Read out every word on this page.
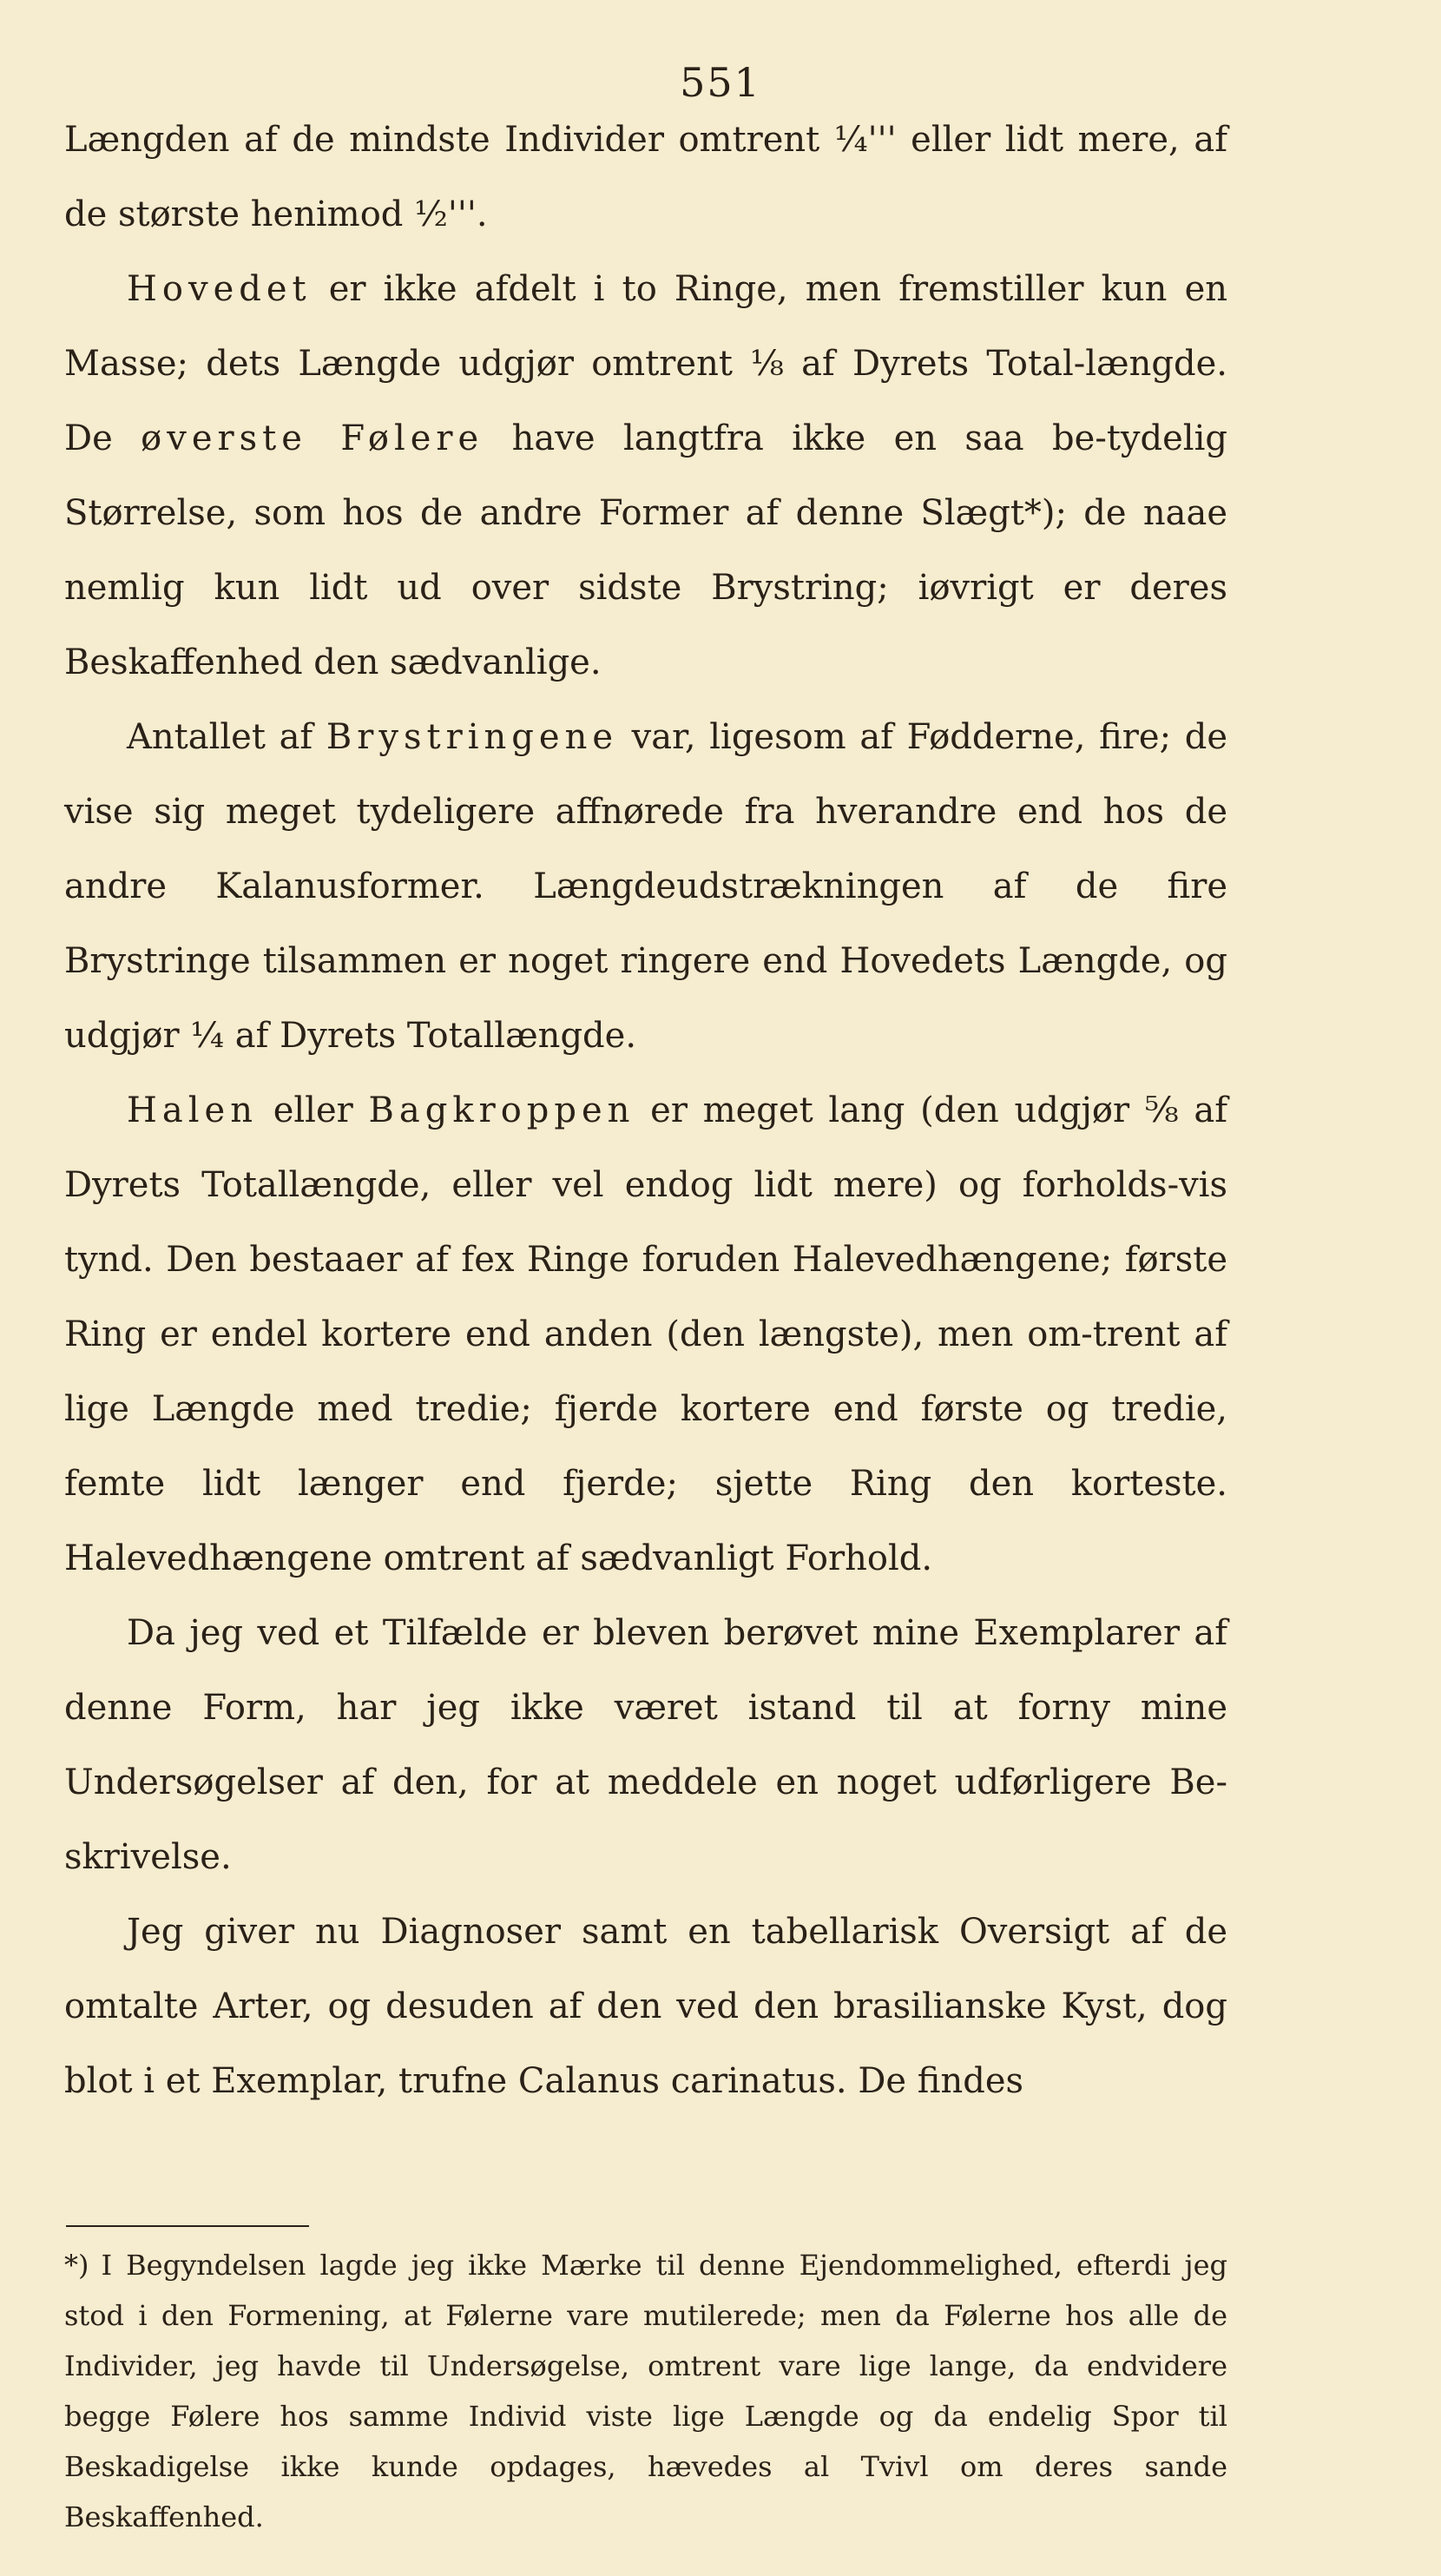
551

Længden af de mindste Individer omtrent ¼''' eller lidt mere, af de største henimod ½'''.

Hovedet er ikke afdelt i to Ringe, men fremstiller kun en Masse; dets Længde udgjør omtrent ⅛ af Dyrets Total-længde. De øverste Følere have langtfra ikke en saa be-tydelig Størrelse, som hos de andre Former af denne Slægt*); de naae nemlig kun lidt ud over sidste Brystring; iøvrigt er deres Beskaffenhed den sædvanlige.

Antallet af Brystringene var, ligesom af Fødderne, fire; de vise sig meget tydeligere affnørede fra hverandre end hos de andre Kalanusformer. Længdeudstrækningen af de fire Brystringe tilsammen er noget ringere end Hovedets Længde, og udgjør ¼ af Dyrets Totallængde.

Halen eller Bagkroppen er meget lang (den udgjør ⅝ af Dyrets Totallængde, eller vel endog lidt mere) og forholds-vis tynd. Den bestaaer af fex Ringe foruden Halevedhængene; første Ring er endel kortere end anden (den længste), men om-trent af lige Længde med tredie; fjerde kortere end første og tredie, femte lidt længer end fjerde; sjette Ring den korteste. Halevedhængene omtrent af sædvanligt Forhold.

Da jeg ved et Tilfælde er bleven berøvet mine Exemplarer af denne Form, har jeg ikke været istand til at forny mine Undersøgelser af den, for at meddele en noget udførligere Be-skrivelse.

Jeg giver nu Diagnoser samt en tabellarisk Oversigt af de omtalte Arter, og desuden af den ved den brasilianske Kyst, dog blot i et Exemplar, trufne Calanus carinatus. De findes

*) I Begyndelsen lagde jeg ikke Mærke til denne Ejendommelighed, efterdi jeg stod i den Formening, at Følerne vare mutilerede; men da Følerne hos alle de Individer, jeg havde til Undersøgelse, omtrent vare lige lange, da endvidere begge Følere hos samme Individ viste lige Længde og da endelig Spor til Beskadigelse ikke kunde opdages, hævedes al Tvivl om deres sande Beskaffenhed.
